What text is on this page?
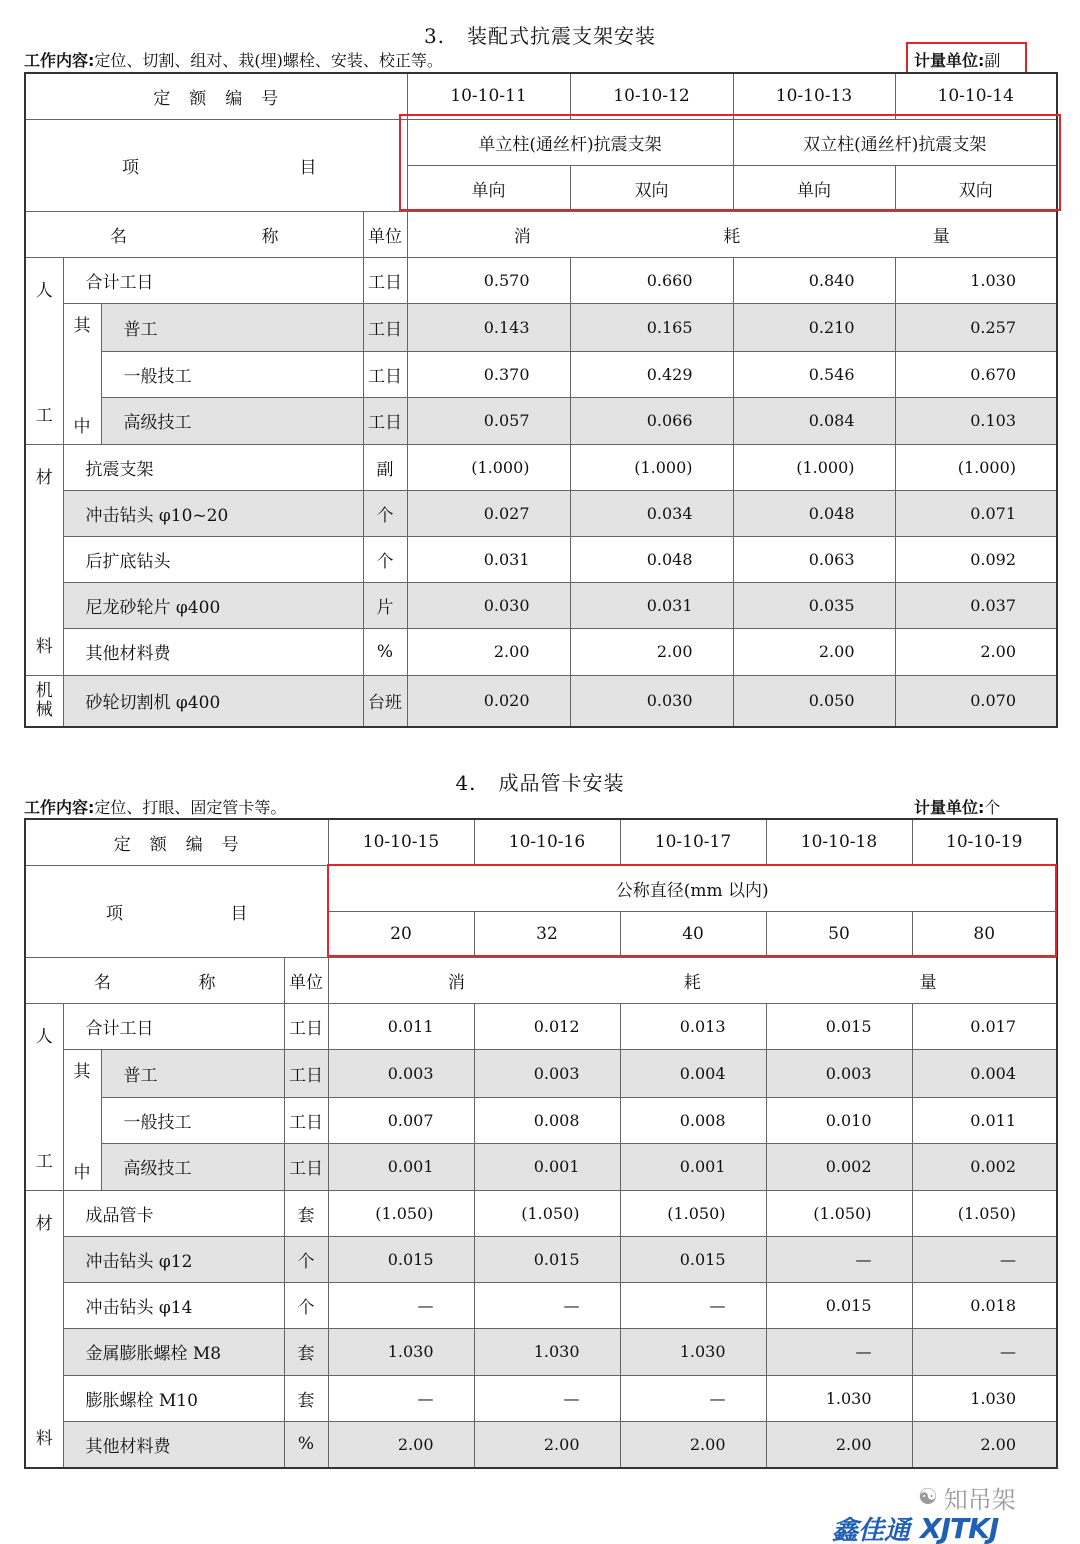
3. 装配式抗震支架安装
工作内容:定位、切割、组对、栽(埋)螺栓、安装、校正等。	计量单位:副
定　额　编　号				10-10-11	10-10-12	10-10-13	10-10-14

项 目				单立柱(通丝杆)抗震支架		双立柱(通丝杆)抗震支架	
				单向	双向	单向	双向

名 称			单位	消 耗 量			

人
工	合计工日		工日	0.570	0.660	0.840	1.030

	其
中	普工	工日	0.143	0.165	0.210	0.257
		一般技工	工日	0.370	0.429	0.546	0.670
		高级技工	工日	0.057	0.066	0.084	0.103

材
料	抗震支架		副	(1.000)	(1.000)	(1.000)	(1.000)
	冲击钻头 φ10~20		个	0.027	0.034	0.048	0.071
	后扩底钻头		个	0.031	0.048	0.063	0.092
	尼龙砂轮片 φ400		片	0.030	0.031	0.035	0.037
	其他材料费		%	2.00	2.00	2.00	2.00
机械	砂轮切割机 φ400		台班	0.020	0.030	0.050	0.070
4. 成品管卡安装
工作内容:定位、打眼、固定管卡等。	计量单位:个
定　额　编　号				10-10-15	10-10-16	10-10-17	10-10-18	10-10-19

项 目				公称直径(mm 以内)				
				20	32	40	50	80

名 称			单位	消 耗 量				

人
工	合计工日		工日	0.011	0.012	0.013	0.015	0.017

	其
中	普工	工日	0.003	0.003	0.004	0.003	0.004
		一般技工	工日	0.007	0.008	0.008	0.010	0.011
		高级技工	工日	0.001	0.001	0.001	0.002	0.002

材
料	成品管卡		套	(1.050)	(1.050)	(1.050)	(1.050)	(1.050)
	冲击钻头 φ12		个	0.015	0.015	0.015	—	—
	冲击钻头 φ14		个	—	—	—	0.015	0.018
	金属膨胀螺栓 M8		套	1.030	1.030	1.030	—	—
	膨胀螺栓 M10		套	—	—	—	1.030	1.030
	其他材料费		%	2.00	2.00	2.00	2.00	2.00
☯ 知吊架
鑫佳通 XJTKJ
